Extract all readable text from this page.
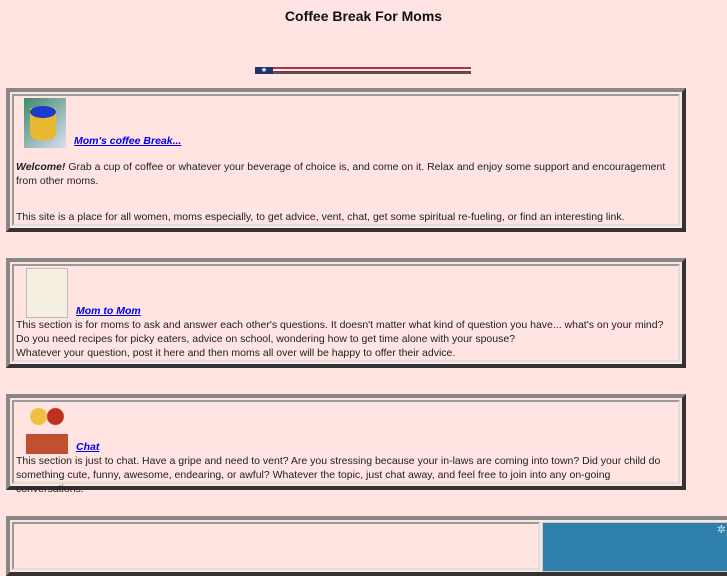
Coffee Break For Moms
★
Mom's coffee Break...

Welcome! Grab a cup of coffee or whatever your beverage of choice is, and come on it. Relax and enjoy some support and encouragement from other moms.

This site is a place for all women, moms especially, to get advice, vent, chat, get some spiritual re-fueling, or find an interesting link.

Mom to Mom

This section is for moms to ask and answer each other's questions. It doesn't matter what kind of question you have... what's on your mind? Do you need recipes for picky eaters, advice on school, wondering how to get time alone with your spouse?

Whatever your question, post it here and then moms all over will be happy to offer their advice.

Chat

This section is just to chat. Have a gripe and need to vent? Are you stressing because your in-laws are coming into town? Did your child do something cute, funny, awesome, endearing, or awful? Whatever the topic, just chat away, and feel free to join into any on-going conversations.

✲
